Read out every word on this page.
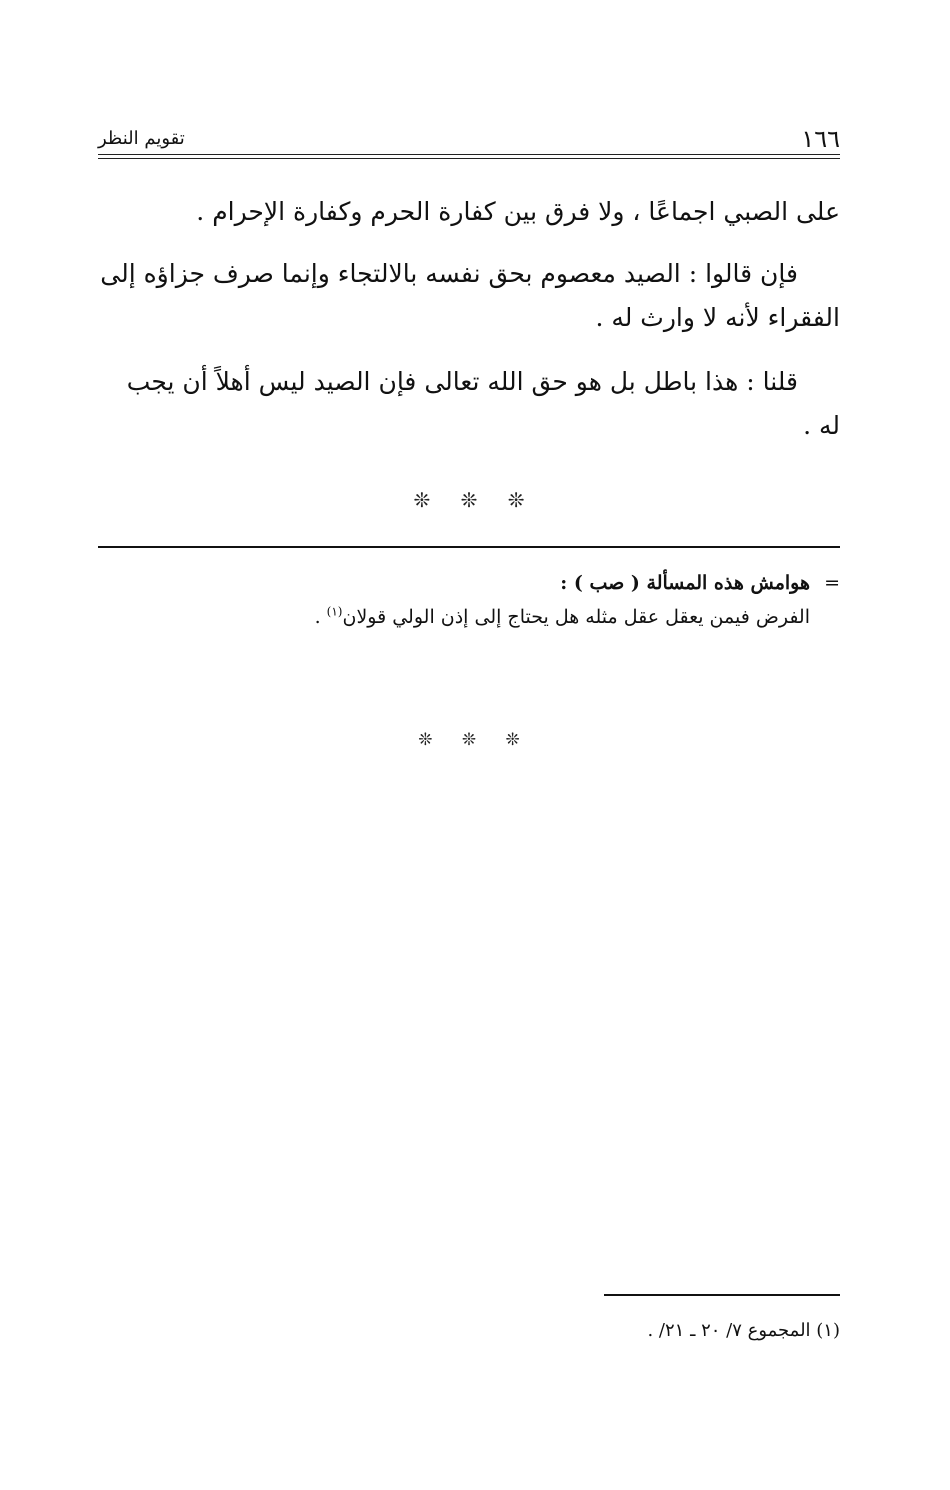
١٦٦
تقويم النظر

على الصبي اجماعًا ، ولا فرق بين كفارة الحرم وكفارة الإحرام .

فإن قالوا : الصيد معصوم بحق نفسه بالالتجاء وإنما صرف جزاؤه إلى الفقراء لأنه لا وارث له .

قلنا : هذا باطل بل هو حق الله تعالى فإن الصيد ليس أهلاً أن يجب له .

❊ ❊ ❊
=هوامش هذه المسألة ( صب ) :
الفرض فيمن يعقل عقل مثله هل يحتاج إلى إذن الولي قولان$^{(١)}$ .
❊ ❊ ❊
(١) المجموع ٧/ ٢٠ ـ ٢١/ .
